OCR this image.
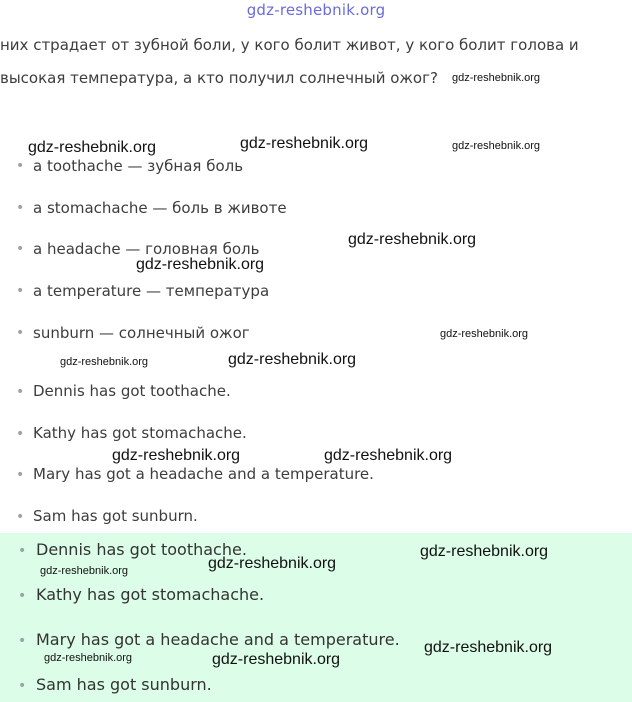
gdz-reshebnik.org
них страдает от зубной боли, у кого болит живот, у кого болит голова и
высокая температура, а кто получил солнечный ожог?
• a toothache — зубная боль
• a stomachache — боль в животе
• a headache — головная боль
• a temperature — температура
• sunburn — солнечный ожог
• Dennis has got toothache.
• Kathy has got stomachache.
• Mary has got a headache and a temperature.
• Sam has got sunburn.
• Dennis has got toothache.
• Kathy has got stomachache.
• Mary has got a headache and a temperature.
• Sam has got sunburn.
gdz-reshebnik.org
gdz-reshebnik.org	gdz-reshebnik.org	gdz-reshebnik.org
gdz-reshebnik.org
gdz-reshebnik.org
gdz-reshebnik.org
gdz-reshebnik.org	gdz-reshebnik.org
gdz-reshebnik.org	gdz-reshebnik.org
gdz-reshebnik.org
gdz-reshebnik.org	gdz-reshebnik.org
gdz-reshebnik.org
gdz-reshebnik.org	gdz-reshebnik.org
